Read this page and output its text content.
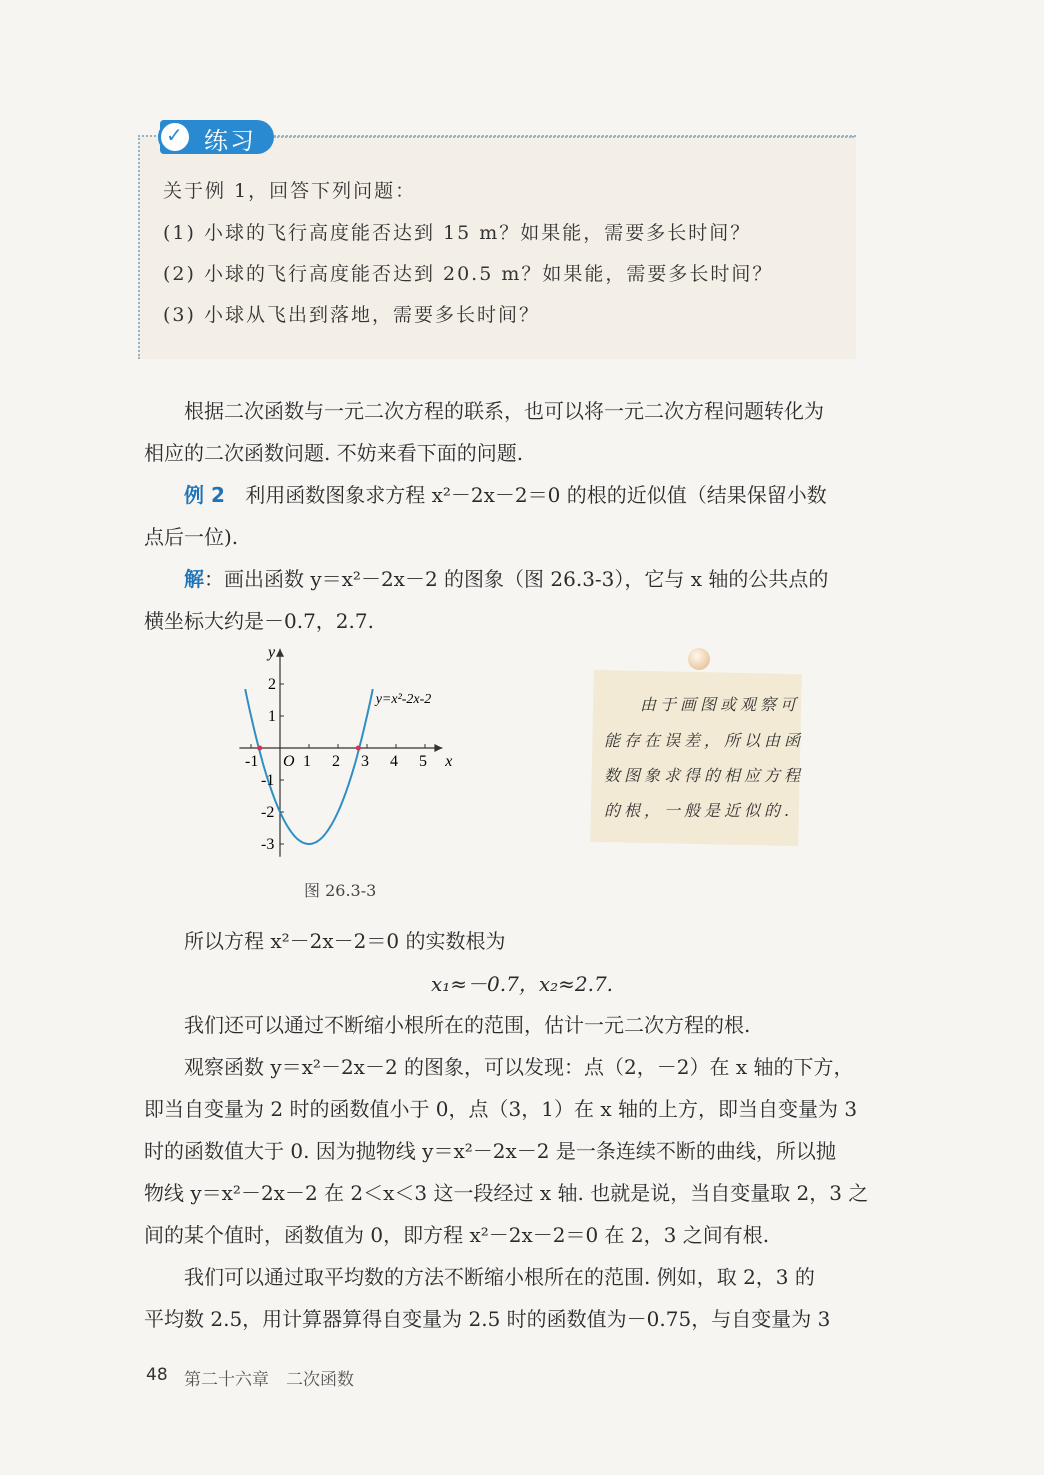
✓ 练习
关于例 1，回答下列问题：
(1) 小球的飞行高度能否达到 15 m？如果能，需要多长时间？
(2) 小球的飞行高度能否达到 20.5 m？如果能，需要多长时间？
(3) 小球从飞出到落地，需要多长时间？
根据二次函数与一元二次方程的联系，也可以将一元二次方程问题转化为
相应的二次函数问题. 不妨来看下面的问题.
例 2 利用函数图象求方程 x²－2x－2＝0 的根的近似值（结果保留小数
点后一位).
解：画出函数 y＝x²－2x－2 的图象（图 26.3-3），它与 x 轴的公共点的
横坐标大约是－0.7，2.7.
-1	1 2 3 4 5
2
1
-1
-2
-3
x
y
O
y=x²-2x-2
图 26.3-3
由于画图或观察可
能存在误差，所以由函
数图象求得的相应方程
的根，一般是近似的.
所以方程 x²－2x－2＝0 的实数根为
x₁≈－0.7，x₂≈2.7.
我们还可以通过不断缩小根所在的范围，估计一元二次方程的根.
观察函数 y＝x²－2x－2 的图象，可以发现：点（2，－2）在 x 轴的下方，
即当自变量为 2 时的函数值小于 0，点（3，1）在 x 轴的上方，即当自变量为 3
时的函数值大于 0. 因为抛物线 y＝x²－2x－2 是一条连续不断的曲线，所以抛
物线 y＝x²－2x－2 在 2＜x＜3 这一段经过 x 轴. 也就是说，当自变量取 2，3 之
间的某个值时，函数值为 0，即方程 x²－2x－2＝0 在 2，3 之间有根.
我们可以通过取平均数的方法不断缩小根所在的范围. 例如，取 2，3 的
平均数 2.5，用计算器算得自变量为 2.5 时的函数值为－0.75，与自变量为 3
48 第二十六章　二次函数
